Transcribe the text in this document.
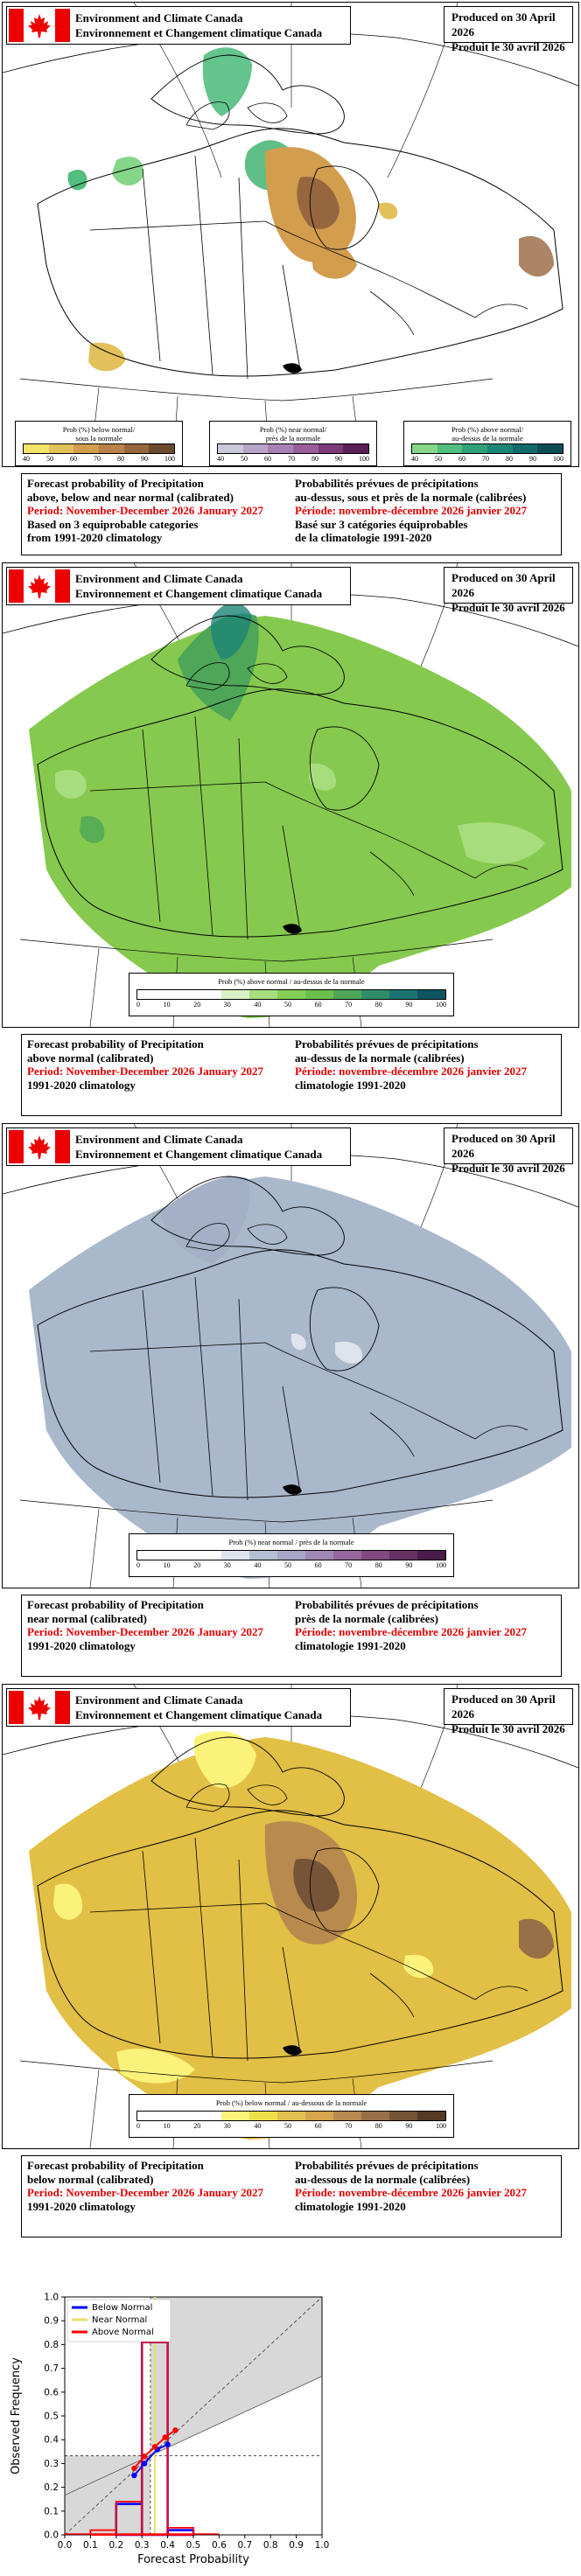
Environment and Climate Canada
Environnement et Changement climatique Canada
Produced on 30 April 2026
Produit le 30 avril 2026
Prob (%) below normal/
sous la normale
40 50 60 70 80 90 100
Prob (%) near normal/
près de la normale
40 50 60 70 80 90 100
Prob (%) above normal/
au-dessus de la normale
40 50 60 70 80 90 100
Forecast probability of Precipitation
above, below and near normal (calibrated)
Period: November-December 2026 January 2027
Based on 3 equiprobable categories
from 1991-2020 climatology
Probabilités prévues de précipitations
au-dessus, sous et près de la normale (calibrées)
Période: novembre-décembre 2026 janvier 2027
Basé sur 3 catégories équiprobables
de la climatologie 1991-2020
Environment and Climate Canada
Environnement et Changement climatique Canada
Produced on 30 April 2026
Produit le 30 avril 2026
Prob (%) above normal / au-dessus de la normale
0	10	20	30	40	50	60	70	80	90	100
Forecast probability of Precipitation
above normal (calibrated)
Period: November-December 2026 January 2027
1991-2020 climatology
Probabilités prévues de précipitations
au-dessus de la normale (calibrées)
Période: novembre-décembre 2026 janvier 2027
climatologie 1991-2020
Environment and Climate Canada
Environnement et Changement climatique Canada
Produced on 30 April 2026
Produit le 30 avril 2026
Prob (%) near normal / près de la normale
0	10	20	30	40	50	60	70	80	90	100
Forecast probability of Precipitation
near normal (calibrated)
Period: November-December 2026 January 2027
1991-2020 climatology
Probabilités prévues de précipitations
près de la normale (calibrées)
Période: novembre-décembre 2026 janvier 2027
climatologie 1991-2020
Environment and Climate Canada
Environnement et Changement climatique Canada
Produced on 30 April 2026
Produit le 30 avril 2026
Prob (%) below normal / au-dessous de la normale
0	10	20	30	40	50	60	70	80	90	100
Forecast probability of Precipitation
below normal (calibrated)
Period: November-December 2026 January 2027
1991-2020 climatology
Probabilités prévues de précipitations
au-dessous de la normale (calibrées)
Période: novembre-décembre 2026 janvier 2027
climatologie 1991-2020
0.0 0.1 0.2 0.3 0.4 0.5 0.6 0.7 0.8 0.9 1.0
0.0
0.1
0.2
0.3
0.4
0.5
0.6
0.7
0.8
0.9
1.0
Forecast Probability
Observed Frequency
Below Normal
Near Normal
Above Normal
